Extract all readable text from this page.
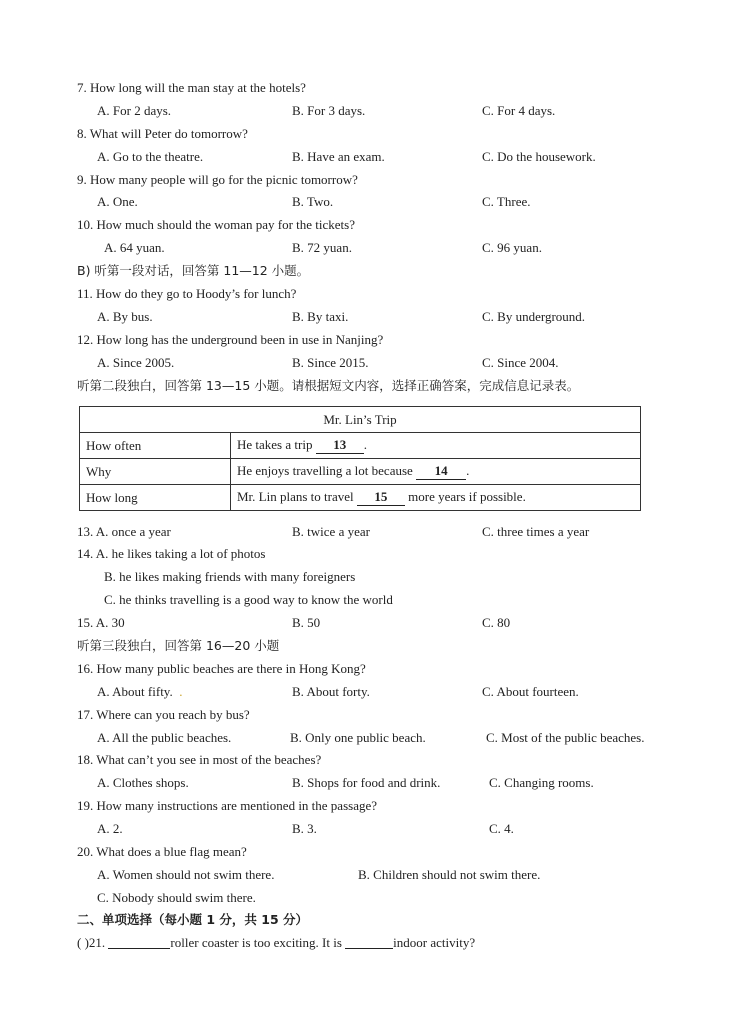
7. How long will the man stay at the hotels?
A. For 2 days.	B. For 3 days.	C. For 4 days.
8. What will Peter do tomorrow?
A. Go to the theatre.	B. Have an exam.	C. Do the housework.
9. How many people will go for the picnic tomorrow?
A. One.	B. Two.	C. Three.
10. How much should the woman pay for the tickets?
A. 64 yuan.	B. 72 yuan.	C. 96 yuan.
B) 听第一段对话，回答第 11—12 小题。
11. How do they go to Hoody’s for lunch?
A. By bus.	B. By taxi.	C. By underground.
12. How long has the underground been in use in Nanjing?
A. Since 2005.	B. Since 2015.	C. Since 2004.
听第二段独白，回答第 13—15 小题。请根据短文内容，选择正确答案，完成信息记录表。
Mr. Lin’s Trip	
How often	He takes a trip 13 .
Why	He enjoys travelling a lot because 14 .
How long	Mr. Lin plans to travel 15 more years if possible.
13. A. once a year	B. twice a year	C. three times a year
14. A. he likes taking a lot of photos
B. he likes making friends with many foreigners
C. he thinks travelling is a good way to know the world
15. A. 30	B. 50	C. 80
听第三段独白，回答第 16—20 小题
16. How many public beaches are there in Hong Kong?
A. About fifty. .	B. About forty.	C. About fourteen.
17. Where can you reach by bus?
A. All the public beaches.	B. Only one public beach.	C. Most of the public beaches.
18. What can’t you see in most of the beaches?
A. Clothes shops.	B. Shops for food and drink.	C. Changing rooms.
19. How many instructions are mentioned in the passage?
A. 2.	B. 3.	C. 4.
20. What does a blue flag mean?
A. Women should not swim there.	B. Children should not swim there.
C. Nobody should swim there.
二、单项选择（每小题 1 分，共 15 分）
( )21.	roller coaster is too exciting. It is	indoor activity?
